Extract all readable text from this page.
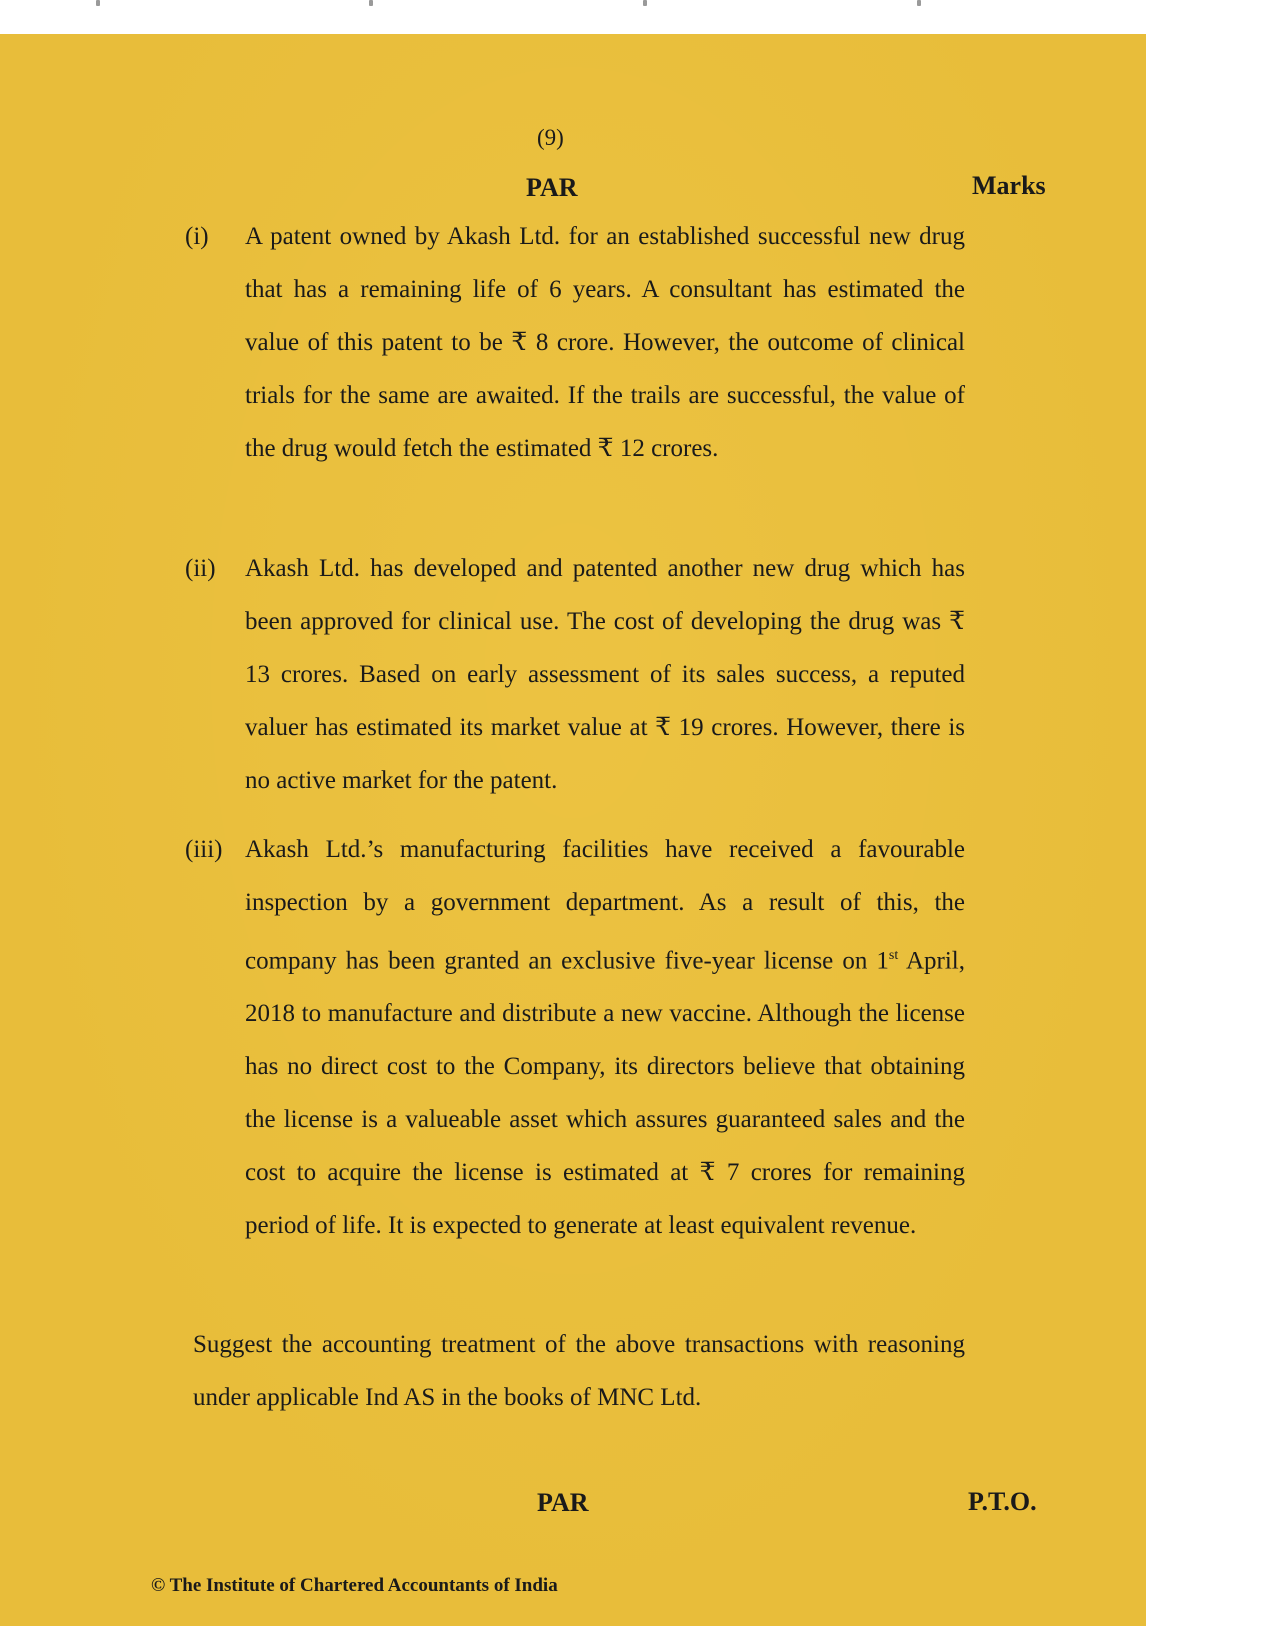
(9)
PAR	Marks
(i) A patent owned by Akash Ltd. for an established successful new drug that has a remaining life of 6 years. A consultant has estimated the value of this patent to be ₹ 8 crore. However, the outcome of clinical trials for the same are awaited. If the trails are successful, the value of the drug would fetch the estimated ₹ 12 crores.
(ii) Akash Ltd. has developed and patented another new drug which has been approved for clinical use. The cost of developing the drug was ₹ 13 crores. Based on early assessment of its sales success, a reputed valuer has estimated its market value at ₹ 19 crores. However, there is no active market for the patent.
(iii) Akash Ltd.’s manufacturing facilities have received a favourable inspection by a government department. As a result of this, the company has been granted an exclusive five-year license on 1st April, 2018 to manufacture and distribute a new vaccine. Although the license has no direct cost to the Company, its directors believe that obtaining the license is a valueable asset which assures guaranteed sales and the cost to acquire the license is estimated at ₹ 7 crores for remaining period of life. It is expected to generate at least equivalent revenue.
Suggest the accounting treatment of the above transactions with reasoning under applicable Ind AS in the books of MNC Ltd.
PAR	P.T.O.
© The Institute of Chartered Accountants of India
